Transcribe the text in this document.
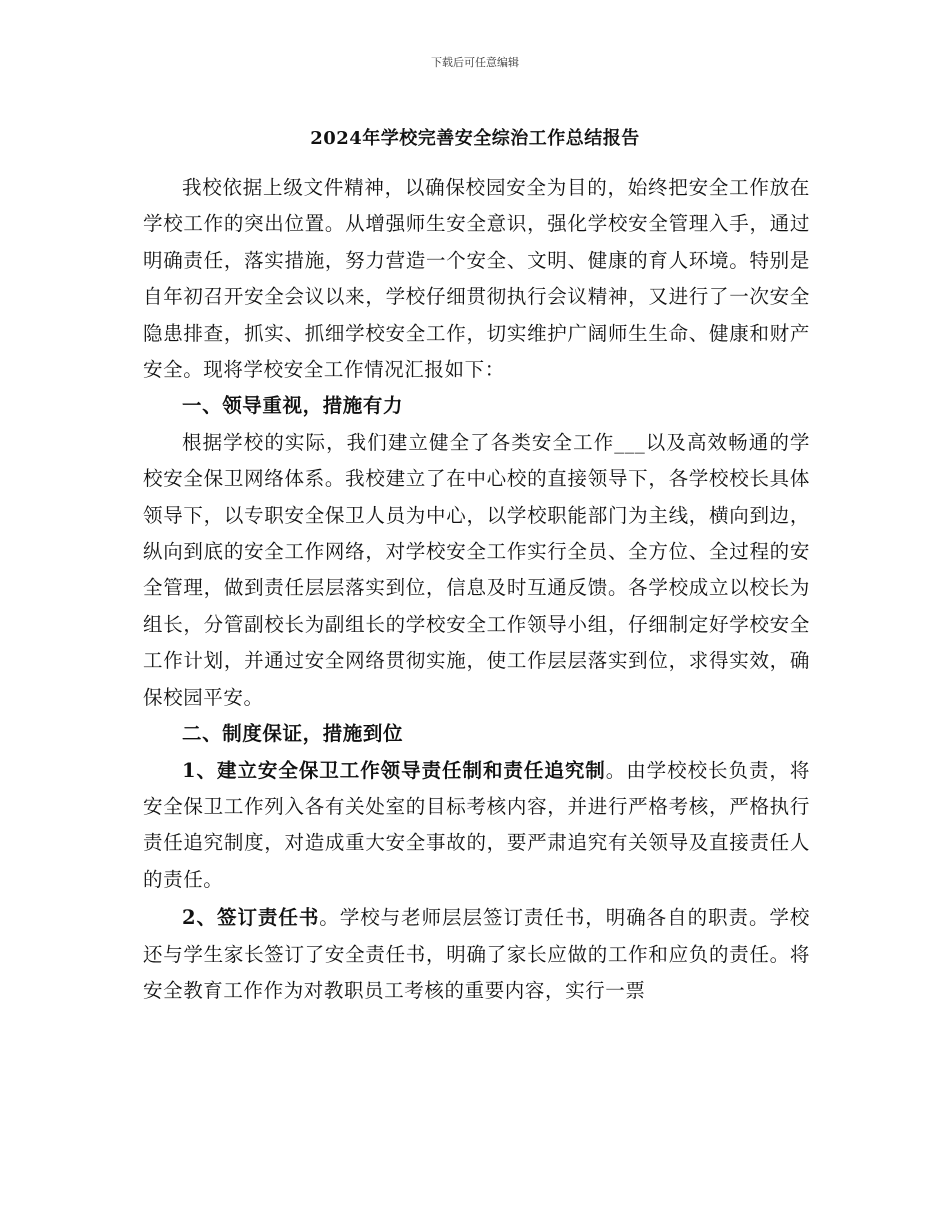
下载后可任意编辑
2024年学校完善安全综治工作总结报告

我校依据上级文件精神，以确保校园安全为目的，始终把安全工作放在学校工作的突出位置。从增强师生安全意识，强化学校安全管理入手，通过明确责任，落实措施，努力营造一个安全、文明、健康的育人环境。特别是自年初召开安全会议以来，学校仔细贯彻执行会议精神，又进行了一次安全隐患排查，抓实、抓细学校安全工作，切实维护广阔师生生命、健康和财产安全。现将学校安全工作情况汇报如下：

一、领导重视，措施有力

根据学校的实际，我们建立健全了各类安全工作___以及高效畅通的学校安全保卫网络体系。我校建立了在中心校的直接领导下，各学校校长具体领导下，以专职安全保卫人员为中心，以学校职能部门为主线，横向到边，纵向到底的安全工作网络，对学校安全工作实行全员、全方位、全过程的安全管理，做到责任层层落实到位，信息及时互通反馈。各学校成立以校长为组长，分管副校长为副组长的学校安全工作领导小组，仔细制定好学校安全工作计划，并通过安全网络贯彻实施，使工作层层落实到位，求得实效，确保校园平安。

二、制度保证，措施到位

1、建立安全保卫工作领导责任制和责任追究制。由学校校长负责，将安全保卫工作列入各有关处室的目标考核内容，并进行严格考核，严格执行责任追究制度，对造成重大安全事故的，要严肃追究有关领导及直接责任人的责任。

2、签订责任书。学校与老师层层签订责任书，明确各自的职责。学校还与学生家长签订了安全责任书，明确了家长应做的工作和应负的责任。将安全教育工作作为对教职员工考核的重要内容，实行一票
